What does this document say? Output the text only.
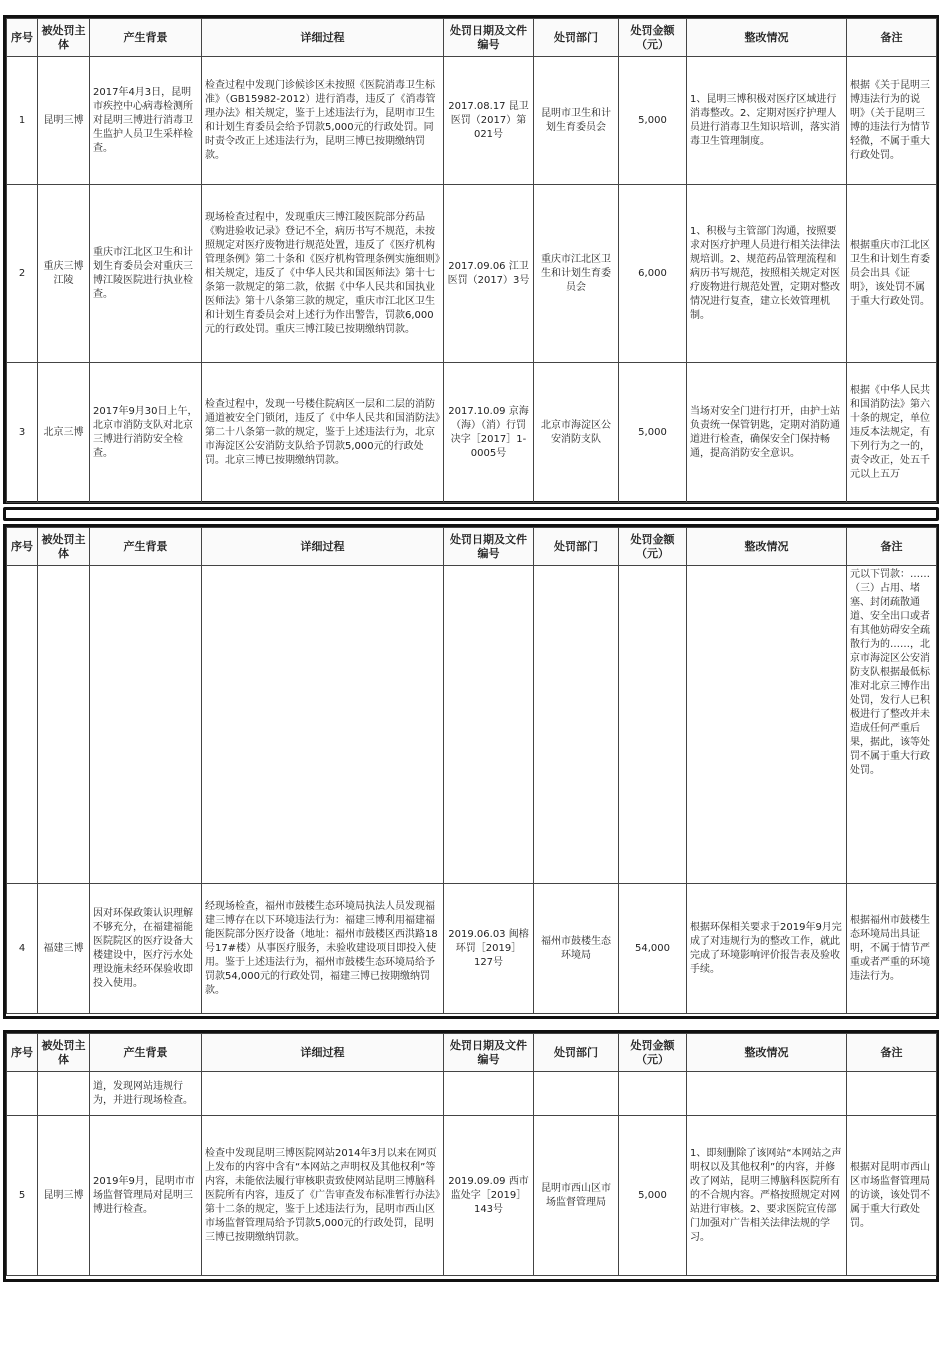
序号	被处罚主体	产生背景	详细过程	处罚日期及文件编号	处罚部门	处罚金额（元）	整改情况	备注
1	昆明三博	2017年4月3日，昆明市疾控中心病毒检测所对昆明三博进行消毒卫生监护人员卫生采样检查。	检查过程中发现门诊候诊区未按照《医院消毒卫生标准》（GB15982-2012）进行消毒，违反了《消毒管理办法》相关规定，鉴于上述违法行为，昆明市卫生和计划生育委员会给予罚款5,000元的行政处罚。同时责令改正上述违法行为，昆明三博已按期缴纳罚款。	2017.08.17 昆卫医罚（2017）第021号	昆明市卫生和计划生育委员会	5,000	1、昆明三博积极对医疗区域进行消毒整改。2、定期对医疗护理人员进行消毒卫生知识培训，落实消毒卫生管理制度。	根据《关于昆明三博违法行为的说明》（关于昆明三博的违法行为情节轻微，不属于重大行政处罚。
2	重庆三博江陵	重庆市江北区卫生和计划生育委员会对重庆三博江陵医院进行执业检查。	现场检查过程中，发现重庆三博江陵医院部分药品《购进验收记录》登记不全，病历书写不规范，未按照规定对医疗废物进行规范处置，违反了《医疗机构管理条例》第二十条和《医疗机构管理条例实施细则》相关规定，违反了《中华人民共和国医师法》第十七条第一款规定的第二款，依据《中华人民共和国执业医师法》第十八条第三款的规定，重庆市江北区卫生和计划生育委员会对上述行为作出警告，罚款6,000元的行政处罚。重庆三博江陵已按期缴纳罚款。	2017.09.06 江卫医罚（2017）3号	重庆市江北区卫生和计划生育委员会	6,000	1、积极与主管部门沟通，按照要求对医疗护理人员进行相关法律法规培训。2、规范药品管理流程和病历书写规范，按照相关规定对医疗废物进行规范处置，定期对整改情况进行复查，建立长效管理机制。	根据重庆市江北区卫生和计划生育委员会出具《证明》，该处罚不属于重大行政处罚。
3	北京三博	2017年9月30日上午，北京市消防支队对北京三博进行消防安全检查。	检查过程中，发现一号楼住院病区一层和二层的消防通道被安全门锁闭，违反了《中华人民共和国消防法》第二十八条第一款的规定，鉴于上述违法行为，北京市海淀区公安消防支队给予罚款5,000元的行政处罚。北京三博已按期缴纳罚款。	2017.10.09 京海（海）（消）行罚决字［2017］1-0005号	北京市海淀区公安消防支队	5,000	当场对安全门进行打开，由护士站负责统一保管钥匙，定期对消防通道进行检查，确保安全门保持畅通，提高消防安全意识。	根据《中华人民共和国消防法》第六十条的规定，单位违反本法规定，有下列行为之一的，责令改正，处五千元以上五万
序号	被处罚主体	产生背景	详细过程	处罚日期及文件编号	处罚部门	处罚金额（元）	整改情况	备注
								元以下罚款：……（三）占用、堵塞、封闭疏散通道、安全出口或者有其他妨碍安全疏散行为的……，北京市海淀区公安消防支队根据最低标准对北京三博作出处罚，发行人已积极进行了整改并未造成任何严重后果，据此，该等处罚不属于重大行政处罚。
4	福建三博	因对环保政策认识理解不够充分，在福建福能医院院区的医疗设备大楼建设中，医疗污水处理设施未经环保验收即投入使用。	经现场检查，福州市鼓楼生态环境局执法人员发现福建三博存在以下环境违法行为：福建三博利用福建福能医院部分医疗设备（地址：福州市鼓楼区西洪路18号17#楼）从事医疗服务，未验收建设项目即投入使用。鉴于上述违法行为，福州市鼓楼生态环境局给予罚款54,000元的行政处罚，福建三博已按期缴纳罚款。	2019.06.03 闽榕环罚［2019］127号	福州市鼓楼生态环境局	54,000	根据环保相关要求于2019年9月完成了对违规行为的整改工作，就此完成了环境影响评价报告表及验收手续。	根据福州市鼓楼生态环境局出具证明，不属于情节严重或者严重的环境违法行为。
序号	被处罚主体	产生背景	详细过程	处罚日期及文件编号	处罚部门	处罚金额（元）	整改情况	备注
		道，发现网站违规行为，并进行现场检查。						
5	昆明三博	2019年9月，昆明市市场监督管理局对昆明三博进行检查。	检查中发现昆明三博医院网站2014年3月以来在网页上发布的内容中含有“本网站之声明权及其他权利”等内容，未能依法履行审核职责致使网站昆明三博脑科医院所有内容，违反了《广告审查发布标准暂行办法》第十二条的规定，鉴于上述违法行为，昆明市西山区市场监督管理局给予罚款5,000元的行政处罚，昆明三博已按期缴纳罚款。	2019.09.09 西市监处字［2019］143号	昆明市西山区市场监督管理局	5,000	1、即刻删除了该网站“本网站之声明权以及其他权利”的内容，并修改了网站，昆明三博脑科医院所有的不合规内容。严格按照规定对网站进行审核。2、要求医院宣传部门加强对广告相关法律法规的学习。	根据对昆明市西山区市场监督管理局的访谈，该处罚不属于重大行政处罚。
